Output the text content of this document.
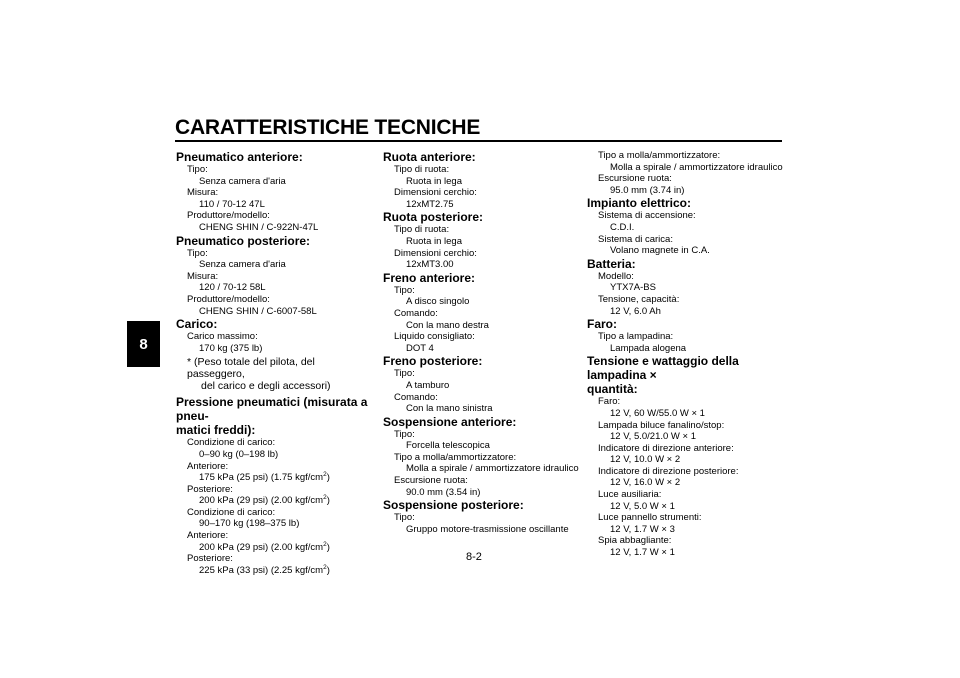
CARATTERISTICHE TECNICHE
8
8-2
Pneumatico anteriore:
Tipo:
Senza camera d'aria
Misura:
110 / 70-12 47L
Produttore/modello:
CHENG SHIN / C-922N-47L
Pneumatico posteriore:
Tipo:
Senza camera d'aria
Misura:
120 / 70-12 58L
Produttore/modello:
CHENG SHIN / C-6007-58L
Carico:
Carico massimo:
170 kg (375 lb)
* (Peso totale del pilota, del passeggero,
del carico e degli accessori)
Pressione pneumatici (misurata a pneu-
matici freddi):
Condizione di carico:
0–90 kg (0–198 lb)
Anteriore:
175 kPa (25 psi) (1.75 kgf/$cm^2$)
Posteriore:
200 kPa (29 psi) (2.00 kgf/$cm^2$)
Condizione di carico:
90–170 kg (198–375 lb)
Anteriore:
200 kPa (29 psi) (2.00 kgf/$cm^2$)
Posteriore:
225 kPa (33 psi) (2.25 kgf/$cm^2$)
Ruota anteriore:
Tipo di ruota:
Ruota in lega
Dimensioni cerchio:
12xMT2.75
Ruota posteriore:
Tipo di ruota:
Ruota in lega
Dimensioni cerchio:
12xMT3.00
Freno anteriore:
Tipo:
A disco singolo
Comando:
Con la mano destra
Liquido consigliato:
DOT 4
Freno posteriore:
Tipo:
A tamburo
Comando:
Con la mano sinistra
Sospensione anteriore:
Tipo:
Forcella telescopica
Tipo a molla/ammortizzatore:
Molla a spirale / ammortizzatore idraulico
Escursione ruota:
90.0 mm (3.54 in)
Sospensione posteriore:
Tipo:
Gruppo motore-trasmissione oscillante
Tipo a molla/ammortizzatore:
Molla a spirale / ammortizzatore idraulico
Escursione ruota:
95.0 mm (3.74 in)
Impianto elettrico:
Sistema di accensione:
C.D.I.
Sistema di carica:
Volano magnete in C.A.
Batteria:
Modello:
YTX7A-BS
Tensione, capacità:
12 V, 6.0 Ah
Faro:
Tipo a lampadina:
Lampada alogena
Tensione e wattaggio della lampadina ×
quantità:
Faro:
12 V, 60 W/55.0 W × 1
Lampada biluce fanalino/stop:
12 V, 5.0/21.0 W × 1
Indicatore di direzione anteriore:
12 V, 10.0 W × 2
Indicatore di direzione posteriore:
12 V, 16.0 W × 2
Luce ausiliaria:
12 V, 5.0 W × 1
Luce pannello strumenti:
12 V, 1.7 W × 3
Spia abbagliante:
12 V, 1.7 W × 1
